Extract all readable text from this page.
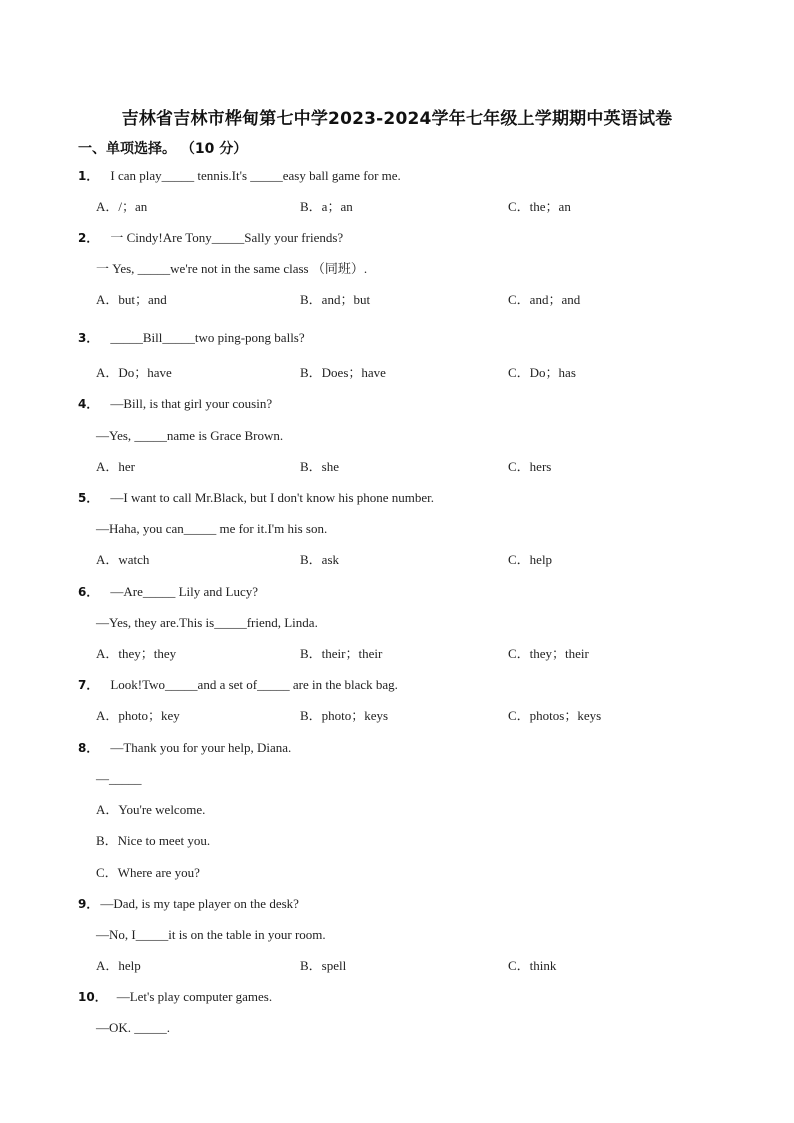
吉林省吉林市桦甸第七中学2023-2024学年七年级上学期期中英语试卷
一、单项选择。 （10 分）
1． I can play_____ tennis.It's _____easy ball game for me.
A．/；an	B．a；an	C．the；an
2． 一 Cindy!Are Tony_____Sally your friends?
一 Yes, _____we're not in the same class （同班）.
A．but；and	B．and；but	C．and；and
3． _____Bill_____two ping-pong balls?
A．Do；have	B．Does；have	C．Do；has
4． —Bill, is that girl your cousin?
—Yes, _____name is Grace Brown.
A．her	B．she	C．hers
5． —I want to call Mr.Black, but I don't know his phone number.
—Haha, you can_____ me for it.I'm his son.
A．watch	B．ask	C．help
6． —Are_____ Lily and Lucy?
—Yes, they are.This is_____friend, Linda.
A．they；they	B．their；their	C．they；their
7． Look!Two_____and a set of_____ are in the black bag.
A．photo；key	B．photo；keys	C．photos；keys
8． —Thank you for your help, Diana.
—_____
A．You're welcome.
B．Nice to meet you.
C．Where are you?
9． —Dad, is my tape player on the desk?
—No, I_____it is on the table in your room.
A．help	B．spell	C．think
10． —Let's play computer games.
—OK. _____.
